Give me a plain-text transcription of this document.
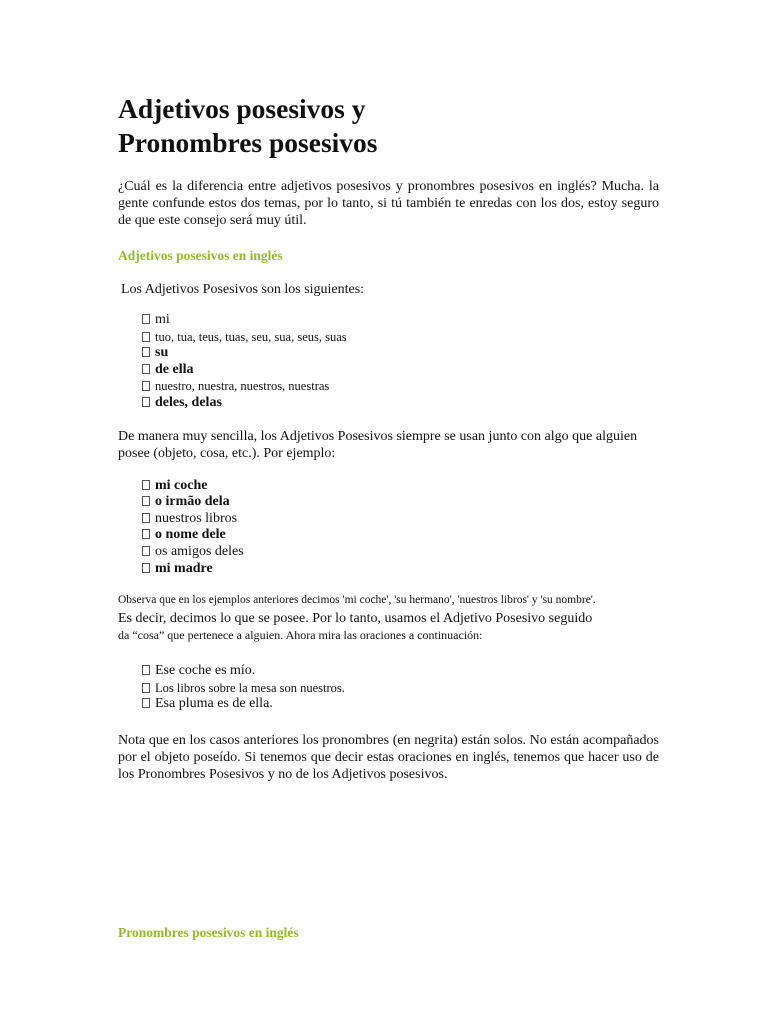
Adjetivos posesivos y
Pronombres posesivos

¿Cuál es la diferencia entre adjetivos posesivos y pronombres posesivos en inglés? Mucha. la gente confunde estos dos temas, por lo tanto, si tú también te enredas con los dos, estoy seguro de que este consejo será muy útil.

Adjetivos posesivos en inglés

Los Adjetivos Posesivos son los siguientes:

mi
tuo, tua, teus, tuas, seu, sua, seus, suas
su
de ella
nuestro, nuestra, nuestros, nuestras
deles, delas

De manera muy sencilla, los Adjetivos Posesivos siempre se usan junto con algo que alguien posee (objeto, cosa, etc.). Por ejemplo:

mi coche
o irmão dela
nuestros libros
o nome dele
os amigos deles
mi madre

Observa que en los ejemplos anteriores decimos 'mi coche', 'su hermano', 'nuestros libros' y 'su nombre'.

Es decir, decimos lo que se posee. Por lo tanto, usamos el Adjetivo Posesivo seguido

da “cosa” que pertenece a alguien. Ahora mira las oraciones a continuación:

Ese coche es mío.
Los libros sobre la mesa son nuestros.
Esa pluma es de ella.

Nota que en los casos anteriores los pronombres (en negrita) están solos. No están acompañados por el objeto poseído. Si tenemos que decir estas oraciones en inglés, tenemos que hacer uso de los Pronombres Posesivos y no de los Adjetivos posesivos.

Pronombres posesivos en inglés
